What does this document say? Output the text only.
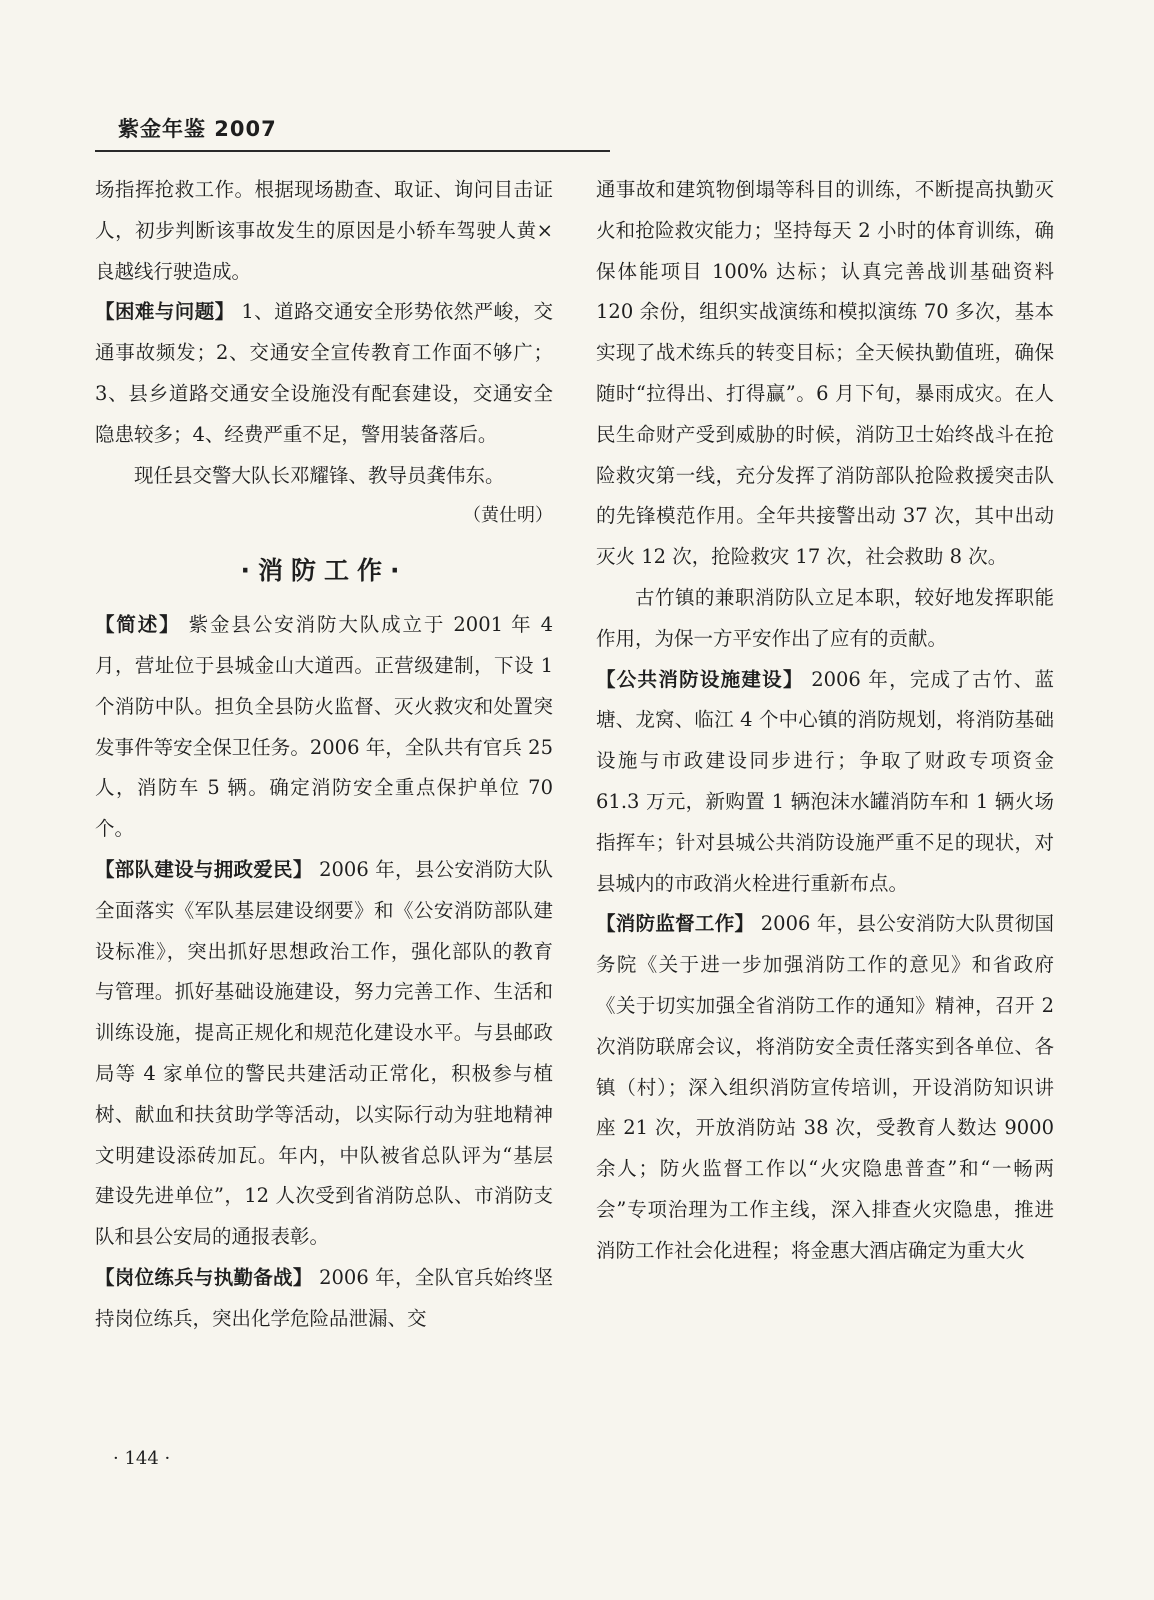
紫金年鉴 2007

场指挥抢救工作。根据现场勘查、取证、询问目击证人，初步判断该事故发生的原因是小轿车驾驶人黄×良越线行驶造成。

【困难与问题】 1、道路交通安全形势依然严峻，交通事故频发；2、交通安全宣传教育工作面不够广；3、县乡道路交通安全设施没有配套建设，交通安全隐患较多；4、经费严重不足，警用装备落后。

现任县交警大队长邓耀锋、教导员龚伟东。

（黄仕明）

·消防工作·

【简述】 紫金县公安消防大队成立于 2001 年 4 月，营址位于县城金山大道西。正营级建制，下设 1 个消防中队。担负全县防火监督、灭火救灾和处置突发事件等安全保卫任务。2006 年，全队共有官兵 25 人，消防车 5 辆。确定消防安全重点保护单位 70 个。

【部队建设与拥政爱民】 2006 年，县公安消防大队全面落实《军队基层建设纲要》和《公安消防部队建设标准》，突出抓好思想政治工作，强化部队的教育与管理。抓好基础设施建设，努力完善工作、生活和训练设施，提高正规化和规范化建设水平。与县邮政局等 4 家单位的警民共建活动正常化，积极参与植树、献血和扶贫助学等活动，以实际行动为驻地精神文明建设添砖加瓦。年内，中队被省总队评为“基层建设先进单位”，12 人次受到省消防总队、市消防支队和县公安局的通报表彰。

【岗位练兵与执勤备战】 2006 年，全队官兵始终坚持岗位练兵，突出化学危险品泄漏、交

通事故和建筑物倒塌等科目的训练，不断提高执勤灭火和抢险救灾能力；坚持每天 2 小时的体育训练，确保体能项目 100% 达标；认真完善战训基础资料 120 余份，组织实战演练和模拟演练 70 多次，基本实现了战术练兵的转变目标；全天候执勤值班，确保随时“拉得出、打得赢”。6 月下旬，暴雨成灾。在人民生命财产受到威胁的时候，消防卫士始终战斗在抢险救灾第一线，充分发挥了消防部队抢险救援突击队的先锋模范作用。全年共接警出动 37 次，其中出动灭火 12 次，抢险救灾 17 次，社会救助 8 次。

古竹镇的兼职消防队立足本职，较好地发挥职能作用，为保一方平安作出了应有的贡献。

【公共消防设施建设】 2006 年，完成了古竹、蓝塘、龙窝、临江 4 个中心镇的消防规划，将消防基础设施与市政建设同步进行；争取了财政专项资金 61.3 万元，新购置 1 辆泡沫水罐消防车和 1 辆火场指挥车；针对县城公共消防设施严重不足的现状，对县城内的市政消火栓进行重新布点。

【消防监督工作】 2006 年，县公安消防大队贯彻国务院《关于进一步加强消防工作的意见》和省政府《关于切实加强全省消防工作的通知》精神，召开 2 次消防联席会议，将消防安全责任落实到各单位、各镇（村）；深入组织消防宣传培训，开设消防知识讲座 21 次，开放消防站 38 次，受教育人数达 9000 余人；防火监督工作以“火灾隐患普查”和“一畅两会”专项治理为工作主线，深入排查火灾隐患，推进消防工作社会化进程；将金惠大酒店确定为重大火

· 144 ·
